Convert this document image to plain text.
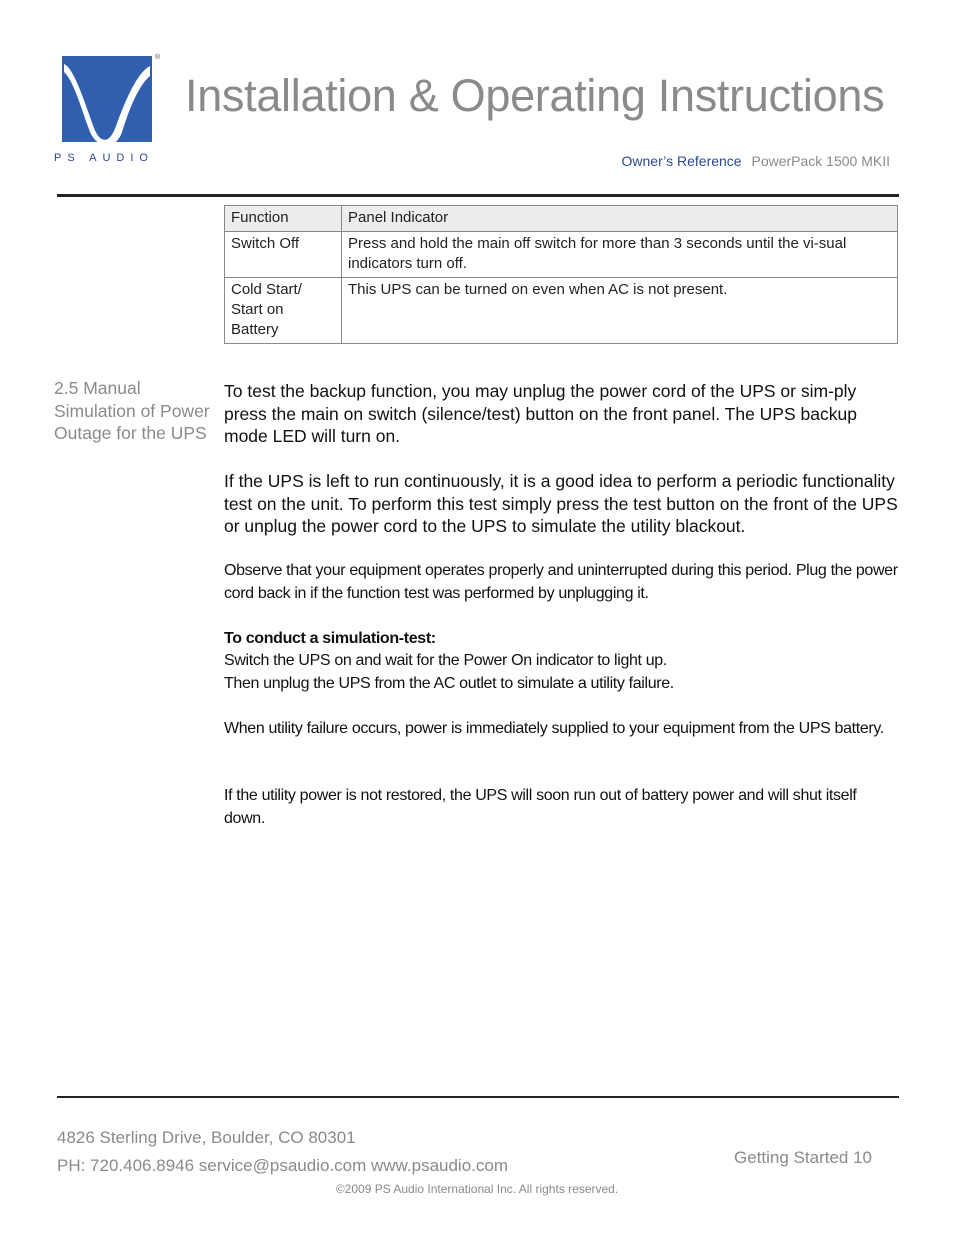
®
PS AUDIO
Installation & Operating Instructions
Owner’s Reference PowerPack 1500 MKII
Function	Panel Indicator
Switch Off	Press and hold the main off switch for more than 3 seconds until the vi-sual indicators turn off.
Cold Start/ Start on Battery	This UPS can be turned on even when AC is not present.
2.5 Manual Simulation of Power Outage for the UPS

To test the backup function, you may unplug the power cord of the UPS or sim-ply press the main on switch (silence/test) button on the front panel. The UPS backup mode LED will turn on.

If the UPS is left to run continuously, it is a good idea to perform a periodic functionality test on the unit. To perform this test simply press the test button on the front of the UPS or unplug the power cord to the UPS to simulate the utility blackout.

Observe that your equipment operates properly and uninterrupted during this period. Plug the power cord back in if the function test was performed by unplugging it.

To conduct a simulation-test:

Switch the UPS on and wait for the Power On indicator to light up.

Then unplug the UPS from the AC outlet to simulate a utility failure.

When utility failure occurs, power is immediately supplied to your equipment from the UPS battery.

If the utility power is not restored, the UPS will soon run out of battery power and will shut itself down.

4826 Sterling Drive, Boulder, CO 80301
PH: 720.406.8946 service@psaudio.com www.psaudio.com	Getting Started 10
©2009 PS Audio International Inc. All rights reserved.
